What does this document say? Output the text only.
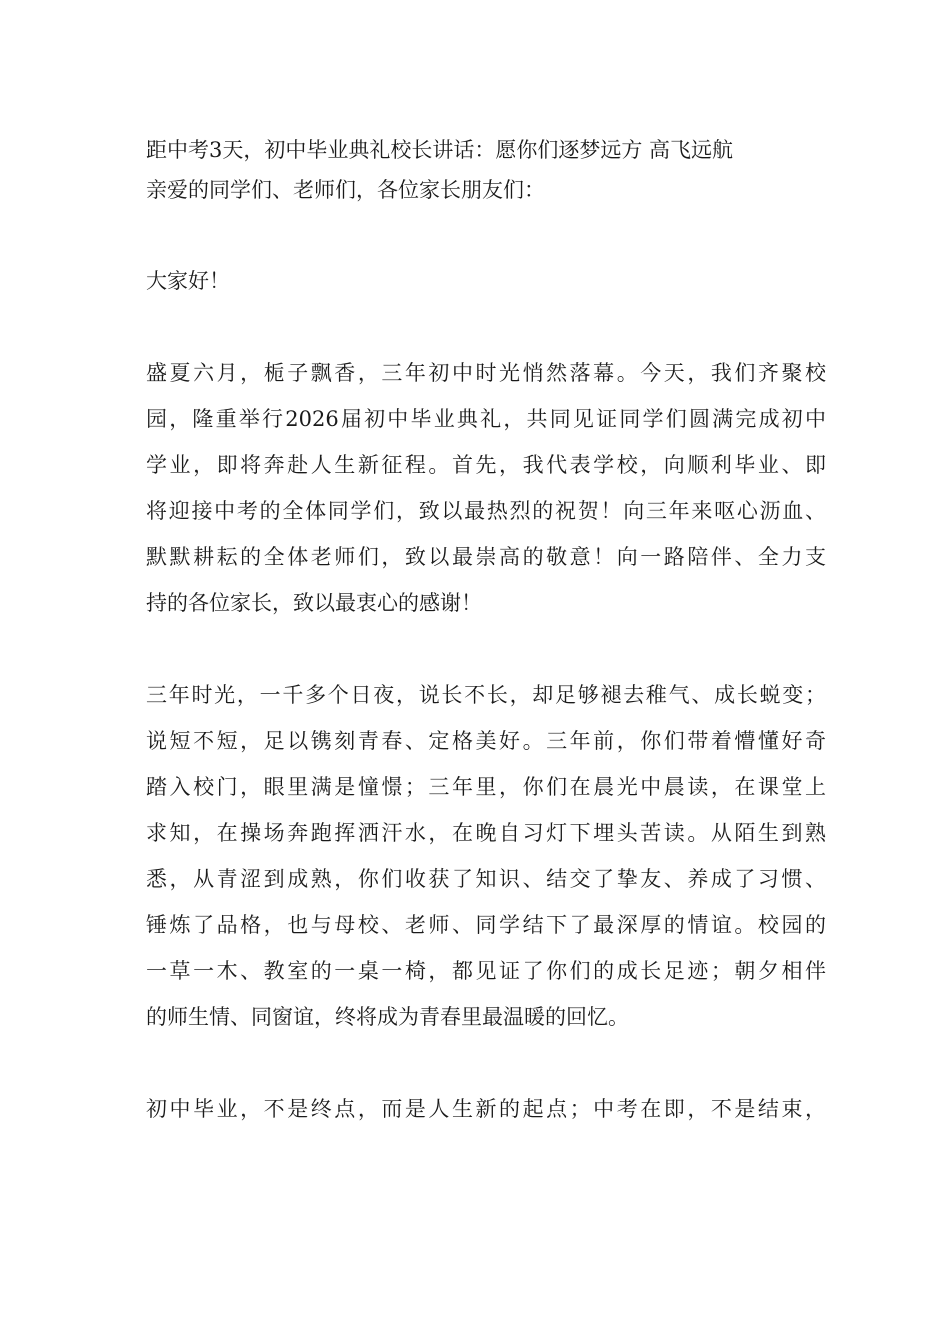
距中考3天，初中毕业典礼校长讲话：愿你们逐梦远方 高飞远航
亲爱的同学们、老师们，各位家长朋友们：
大家好！
盛夏六月，栀子飘香，三年初中时光悄然落幕。今天，我们齐聚校
园，隆重举行2026届初中毕业典礼，共同见证同学们圆满完成初中
学业，即将奔赴人生新征程。首先，我代表学校，向顺利毕业、即
将迎接中考的全体同学们，致以最热烈的祝贺！向三年来呕心沥血、
默默耕耘的全体老师们，致以最崇高的敬意！向一路陪伴、全力支
持的各位家长，致以最衷心的感谢！
三年时光，一千多个日夜，说长不长，却足够褪去稚气、成长蜕变；
说短不短，足以镌刻青春、定格美好。三年前，你们带着懵懂好奇
踏入校门，眼里满是憧憬；三年里，你们在晨光中晨读，在课堂上
求知，在操场奔跑挥洒汗水，在晚自习灯下埋头苦读。从陌生到熟
悉，从青涩到成熟，你们收获了知识、结交了挚友、养成了习惯、
锤炼了品格，也与母校、老师、同学结下了最深厚的情谊。校园的
一草一木、教室的一桌一椅，都见证了你们的成长足迹；朝夕相伴
的师生情、同窗谊，终将成为青春里最温暖的回忆。
初中毕业，不是终点，而是人生新的起点；中考在即，不是结束，
